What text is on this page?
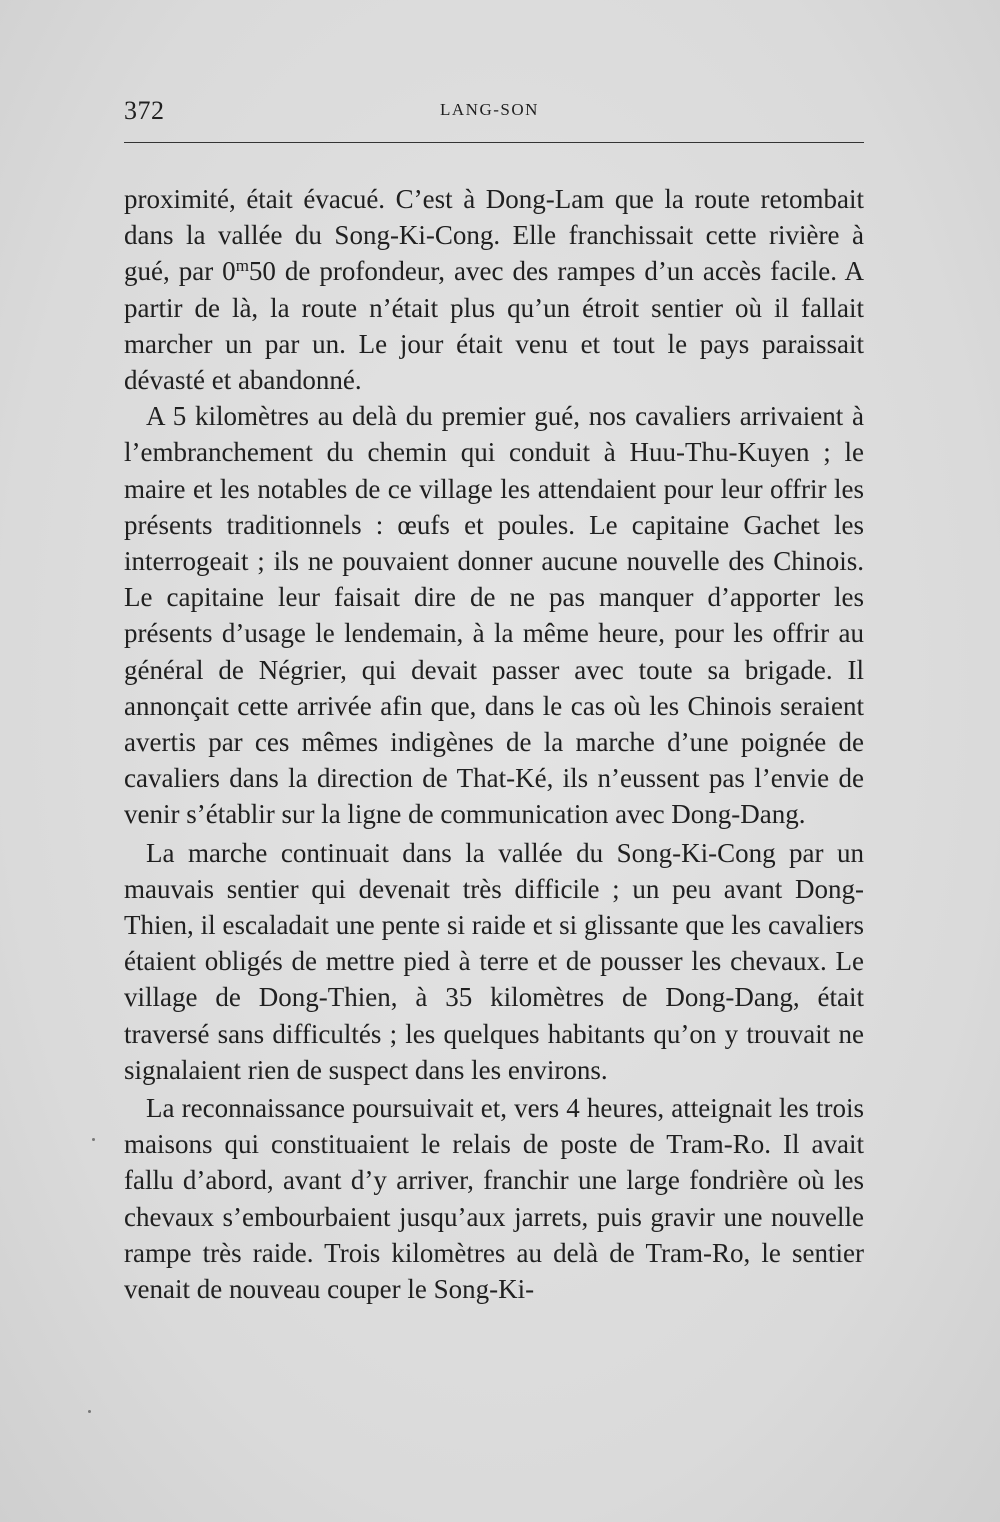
372	LANG-SON

proximité, était évacué. C’est à Dong-Lam que la route retombait dans la vallée du Song-Ki-Cong. Elle franchissait cette rivière à gué, par 0$^m$50 de profondeur, avec des rampes d’un accès facile. A partir de là, la route n’était plus qu’un étroit sentier où il fallait marcher un par un. Le jour était venu et tout le pays paraissait dévasté et abandonné.

A 5 kilomètres au delà du premier gué, nos cavaliers arrivaient à l’embranchement du chemin qui conduit à Huu-Thu-Kuyen ; le maire et les notables de ce village les attendaient pour leur offrir les présents traditionnels : œufs et poules. Le capitaine Gachet les interrogeait ; ils ne pouvaient donner aucune nouvelle des Chinois. Le capitaine leur faisait dire de ne pas manquer d’apporter les présents d’usage le lendemain, à la même heure, pour les offrir au général de Négrier, qui devait passer avec toute sa brigade. Il annonçait cette arrivée afin que, dans le cas où les Chinois seraient avertis par ces mêmes indigènes de la marche d’une poignée de cavaliers dans la direction de That-Ké, ils n’eussent pas l’envie de venir s’établir sur la ligne de communication avec Dong-Dang.

La marche continuait dans la vallée du Song-Ki-Cong par un mauvais sentier qui devenait très difficile ; un peu avant Dong-Thien, il escaladait une pente si raide et si glissante que les cavaliers étaient obligés de mettre pied à terre et de pousser les chevaux. Le village de Dong-Thien, à 35 kilomètres de Dong-Dang, était traversé sans difficultés ; les quelques habitants qu’on y trouvait ne signalaient rien de suspect dans les environs.

La reconnaissance poursuivait et, vers 4 heures, atteignait les trois maisons qui constituaient le relais de poste de Tram-Ro. Il avait fallu d’abord, avant d’y arriver, franchir une large fondrière où les chevaux s’embourbaient jusqu’aux jarrets, puis gravir une nouvelle rampe très raide. Trois kilomètres au delà de Tram-Ro, le sentier venait de nouveau couper le Song-Ki-
